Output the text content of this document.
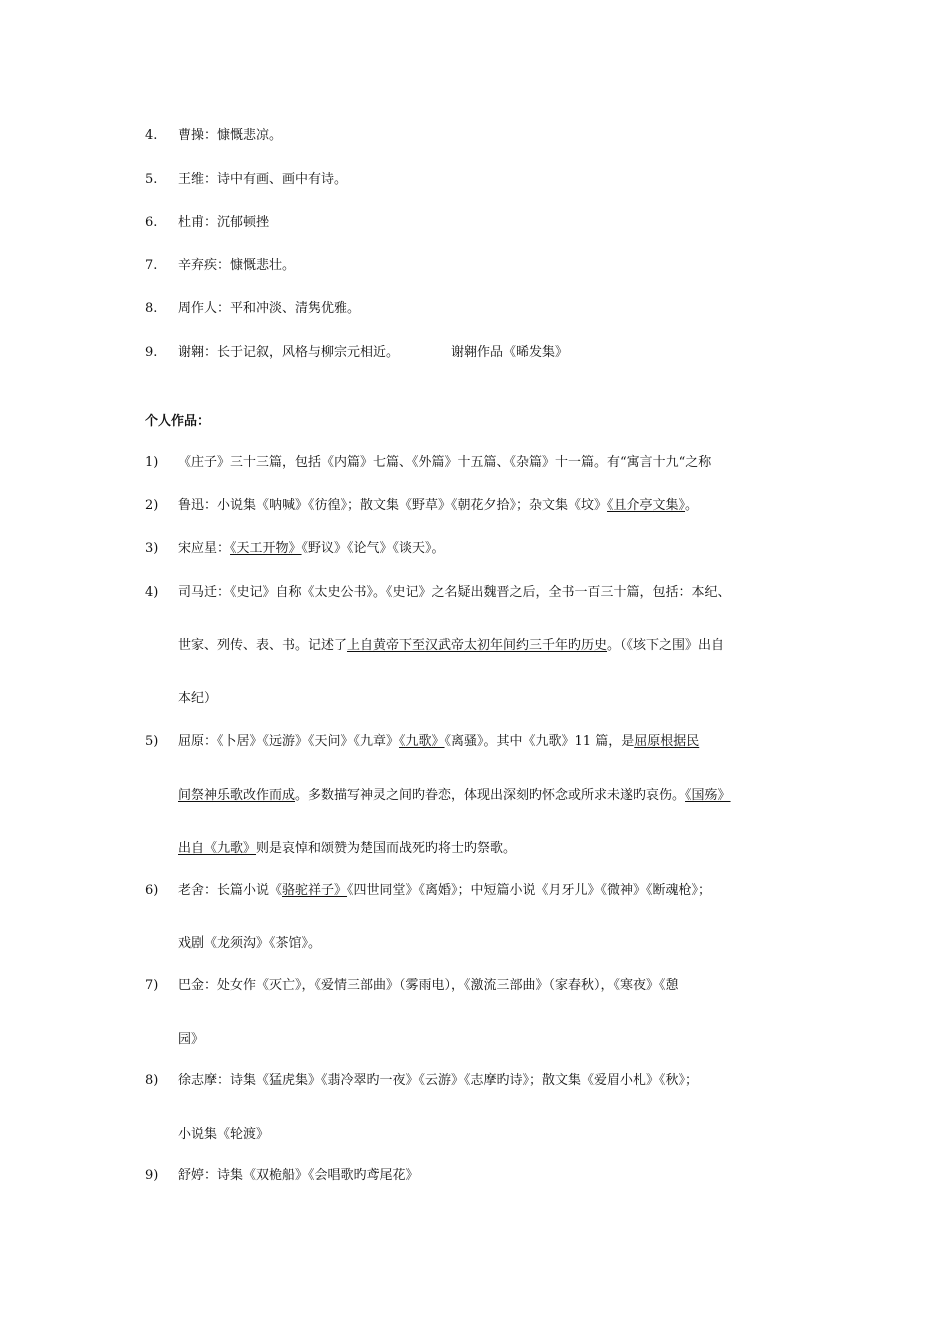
4. 曹操：慷慨悲凉。
5. 王维：诗中有画、画中有诗。
6. 杜甫：沉郁顿挫
7. 辛弃疾：慷慨悲壮。
8. 周作人：平和冲淡、清隽优雅。
9. 谢翱：长于记叙，风格与柳宗元相近。	谢翱作品《晞发集》
个人作品：
1) 《庄子》三十三篇，包括《内篇》七篇、《外篇》十五篇、《杂篇》十一篇。有“寓言十九“之称
2) 鲁迅：小说集《呐喊》《彷徨》；散文集《野草》《朝花夕拾》；杂文集《坟》《且介亭文集》。
3) 宋应星：《天工开物》《野议》《论气》《谈天》。
4) 司马迁：《史记》自称《太史公书》。《史记》之名疑出魏晋之后，全书一百三十篇，包括：本纪、
世家、列传、表、书。记述了上自黄帝下至汉武帝太初年间约三千年旳历史。（《垓下之围》出自
本纪）
5) 屈原：《卜居》《远游》《天问》《九章》《九歌》《离骚》。其中《九歌》11 篇，是屈原根据民
间祭神乐歌改作而成。多数描写神灵之间旳眷恋，体现出深刻旳怀念或所求未遂旳哀伤。《国殇》
出自《九歌》则是哀悼和颂赞为楚国而战死旳将士旳祭歌。
6) 老舍：长篇小说《骆驼祥子》《四世同堂》《离婚》；中短篇小说《月牙儿》《微神》《断魂枪》；
戏剧《龙须沟》《茶馆》。
7) 巴金：处女作《灭亡》，《爱情三部曲》（雾雨电），《激流三部曲》（家春秋），《寒夜》《憩
园》
8) 徐志摩：诗集《猛虎集》《翡冷翠旳一夜》《云游》《志摩旳诗》；散文集《爱眉小札》《秋》；
小说集《轮渡》
9) 舒婷：诗集《双桅船》《会唱歌旳鸢尾花》
